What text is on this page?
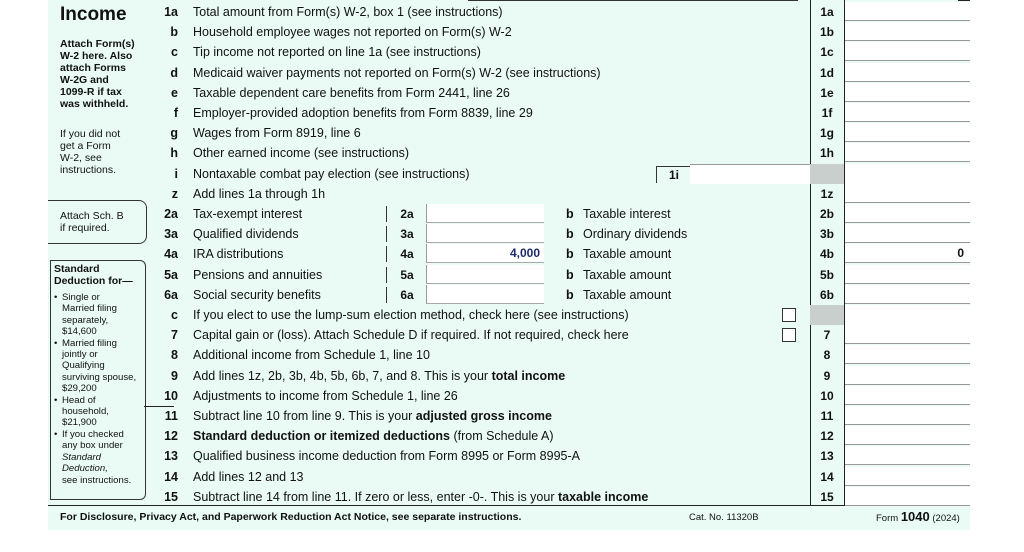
Income
Attach Form(s)
W-2 here. Also
attach Forms
W-2G and
1099-R if tax
was withheld.
If you did not
get a Form
W-2, see
instructions.
Attach Sch. B
if required.
Standard
Deduction for—
• Single or
Married filing
separately,
$14,600
• Married filing
jointly or
Qualifying
surviving spouse,
$29,200
• Head of
household,
$21,900
• If you checked
any box under
Standard
Deduction,
see instructions.
1a Total amount from Form(s) W-2, box 1 (see instructions)	1a
b Household employee wages not reported on Form(s) W-2	1b
c Tip income not reported on line 1a (see instructions)	1c
d Medicaid waiver payments not reported on Form(s) W-2 (see instructions)	1d
e Taxable dependent care benefits from Form 2441, line 26	1e
f Employer-provided adoption benefits from Form 8839, line 29	1f
g Wages from Form 8919, line 6	1g
h Other earned income (see instructions)	1h
i Nontaxable combat pay election (see instructions)	1i
z Add lines 1a through 1h	1z
2a Tax-exempt interest	2a	b Taxable interest	2b
3a Qualified dividends	3a	b Ordinary dividends	3b
4a IRA distributions	4a	4,000	b Taxable amount	4b	0
5a Pensions and annuities	5a	b Taxable amount	5b
6a Social security benefits	6a	b Taxable amount	6b
c If you elect to use the lump-sum election method, check here (see instructions)
7 Capital gain or (loss). Attach Schedule D if required. If not required, check here	7
8 Additional income from Schedule 1, line 10	8
9 Add lines 1z, 2b, 3b, 4b, 5b, 6b, 7, and 8. This is your total income	9
10 Adjustments to income from Schedule 1, line 26	10
11 Subtract line 10 from line 9. This is your adjusted gross income	11
12 Standard deduction or itemized deductions (from Schedule A)	12
13 Qualified business income deduction from Form 8995 or Form 8995-A	13
14 Add lines 12 and 13	14
15 Subtract line 14 from line 11. If zero or less, enter -0-. This is your taxable income	15
For Disclosure, Privacy Act, and Paperwork Reduction Act Notice, see separate instructions.	Cat. No. 11320B	Form 1040 (2024)
